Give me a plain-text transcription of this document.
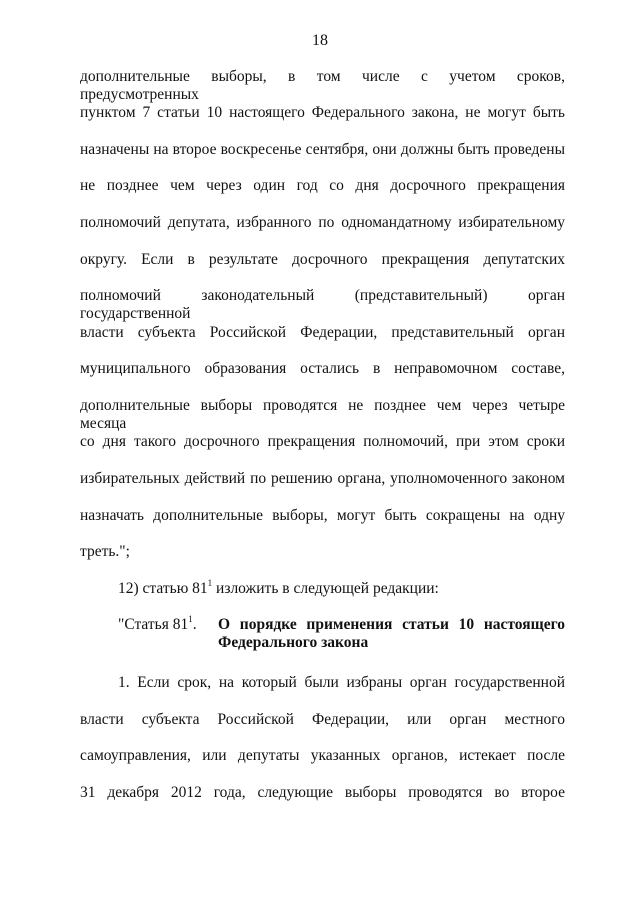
18
дополнительные выборы, в том числе с учетом сроков, предусмотренных
пунктом 7 статьи 10 настоящего Федерального закона, не могут быть
назначены на второе воскресенье сентября, они должны быть проведены
не позднее чем через один год со дня досрочного прекращения
полномочий депутата, избранного по одномандатному избирательному
округу. Если в результате досрочного прекращения депутатских
полномочий законодательный (представительный) орган государственной
власти субъекта Российской Федерации, представительный орган
муниципального образования остались в неправомочном составе,
дополнительные выборы проводятся не позднее чем через четыре месяца
со дня такого досрочного прекращения полномочий, при этом сроки
избирательных действий по решению органа, уполномоченного законом
назначать дополнительные выборы, могут быть сокращены на одну
треть.";
12) статью $81^1$ изложить в следующей редакции:
"Статья $81^1$.	О порядке применения статьи 10 настоящего
Федерального закона
1. Если срок, на который были избраны орган государственной
власти субъекта Российской Федерации, или орган местного
самоуправления, или депутаты указанных органов, истекает после
31 декабря 2012 года, следующие выборы проводятся во второе
